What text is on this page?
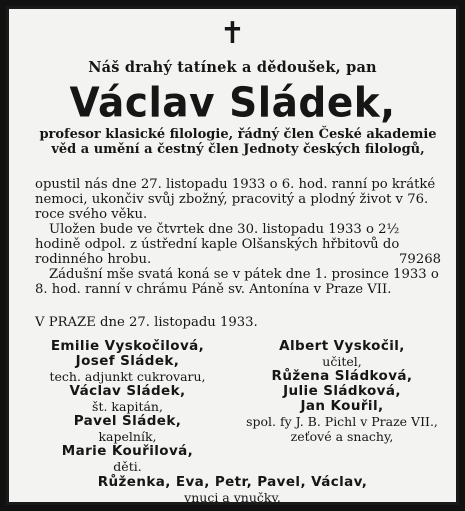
✝
Náš drahý tatínek a dědoušek, pan
Václav Sládek,
profesor klasické filologie, řádný člen České akademie věd a umění a čestný člen Jednoty českých filologů,
opustil nás dne 27. listopadu 1933 o 6. hod. ranní po krátké nemoci, ukončiv svůj zbožný, pracovitý a plodný život v 76. roce svého věku.
Uložen bude ve čtvrtek dne 30. listopadu 1933 o 2½ hodině odpol. z ústřední kaple Olšanských hřbitovů do rodinného hrobu.	79268
Zádušní mše svatá koná se v pátek dne 1. prosince 1933 o 8. hod. ranní v chrámu Páně sv. Antonína v Praze VII.
V PRAZE dne 27. listopadu 1933.
Emilie Vyskočilová,
Josef Sládek,
tech. adjunkt cukrovaru,
Václav Sládek,
št. kapitán,
Pavel Sládek,
kapelník,
Marie Kouřilová,
děti.
Albert Vyskočil,
učitel,
Růžena Sládková,
Julie Sládková,
Jan Kouřil,
spol. fy J. B. Pichl v Praze VII., zeťové a snachy,
Růženka, Eva, Petr, Pavel, Václav,
vnuci a vnučky.
